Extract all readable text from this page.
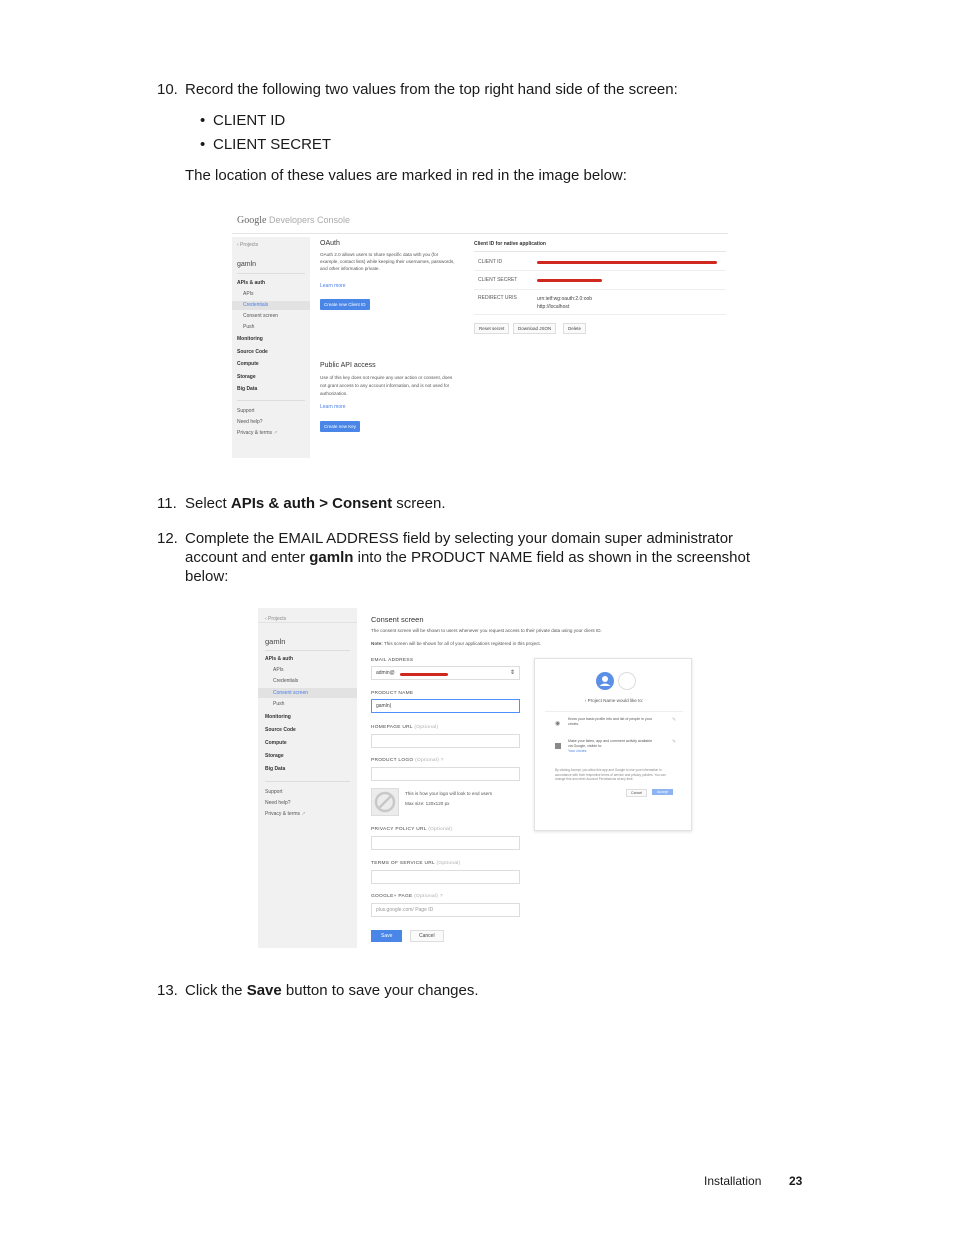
10. Record the following two values from the top right hand side of the screen:
• CLIENT ID
• CLIENT SECRET
The location of these values are marked in red in the image below:
Google Developers Console
‹ Projects
gamln
APIs & auth
APIs
Credentials
Consent screen
Push
Monitoring
Source Code
Compute
Storage
Big Data
Support
Need help?
Privacy & terms ↗
OAuth
OAuth 2.0 allows users to share specific data with you (for
example, contact lists) while keeping their usernames, passwords,
and other information private.
Learn more
Create new Client ID
Client ID for native application
CLIENT ID
CLIENT SECRET
REDIRECT URIS	urn:ietf:wg:oauth:2.0:oob
http://localhost
Reset secret	Download JSON	Delete
Public API access
Use of this key does not require any user action or consent, does
not grant access to any account information, and is not used for
authorization.
Learn more
Create new Key
11. Select APIs & auth > Consent screen.
12. Complete the EMAIL ADDRESS field by selecting your domain super administrator
account and enter gamln into the PRODUCT NAME field as shown in the screenshot
below:
‹ Projects
gamln
APIs & auth
APIs
Credentials
Consent screen
Push
Monitoring
Source Code
Compute
Storage
Big Data
Support
Need help?
Privacy & terms ↗
Consent screen
The consent screen will be shown to users whenever you request access to their private data using your client ID.
Note: This screen will be shown for all of your applications registered in this project.
EMAIL ADDRESS
admin@	⇕
PRODUCT NAME
gamln|
HOMEPAGE URL (Optional)
PRODUCT LOGO (Optional) ?
This is how your logo will look to end users
Max size: 120x120 px
PRIVACY POLICY URL (Optional)
TERMS OF SERVICE URL (Optional)
GOOGLE+ PAGE (Optional) ?
plus.google.com/ Page ID
Save	Cancel
‹ Project Name would like to:
◉
Know your basic profile info and list of people in your
circles.
✎
Make your listen, app and comment activity available
via Google, visible to:
Your circles
✎
By clicking Accept, you allow this app and Google to use your information in
accordance with their respective terms of service and privacy policies. You can
change this and other Account Permissions at any time.
Cancel	Accept
13. Click the Save button to save your changes.
Installation 23
